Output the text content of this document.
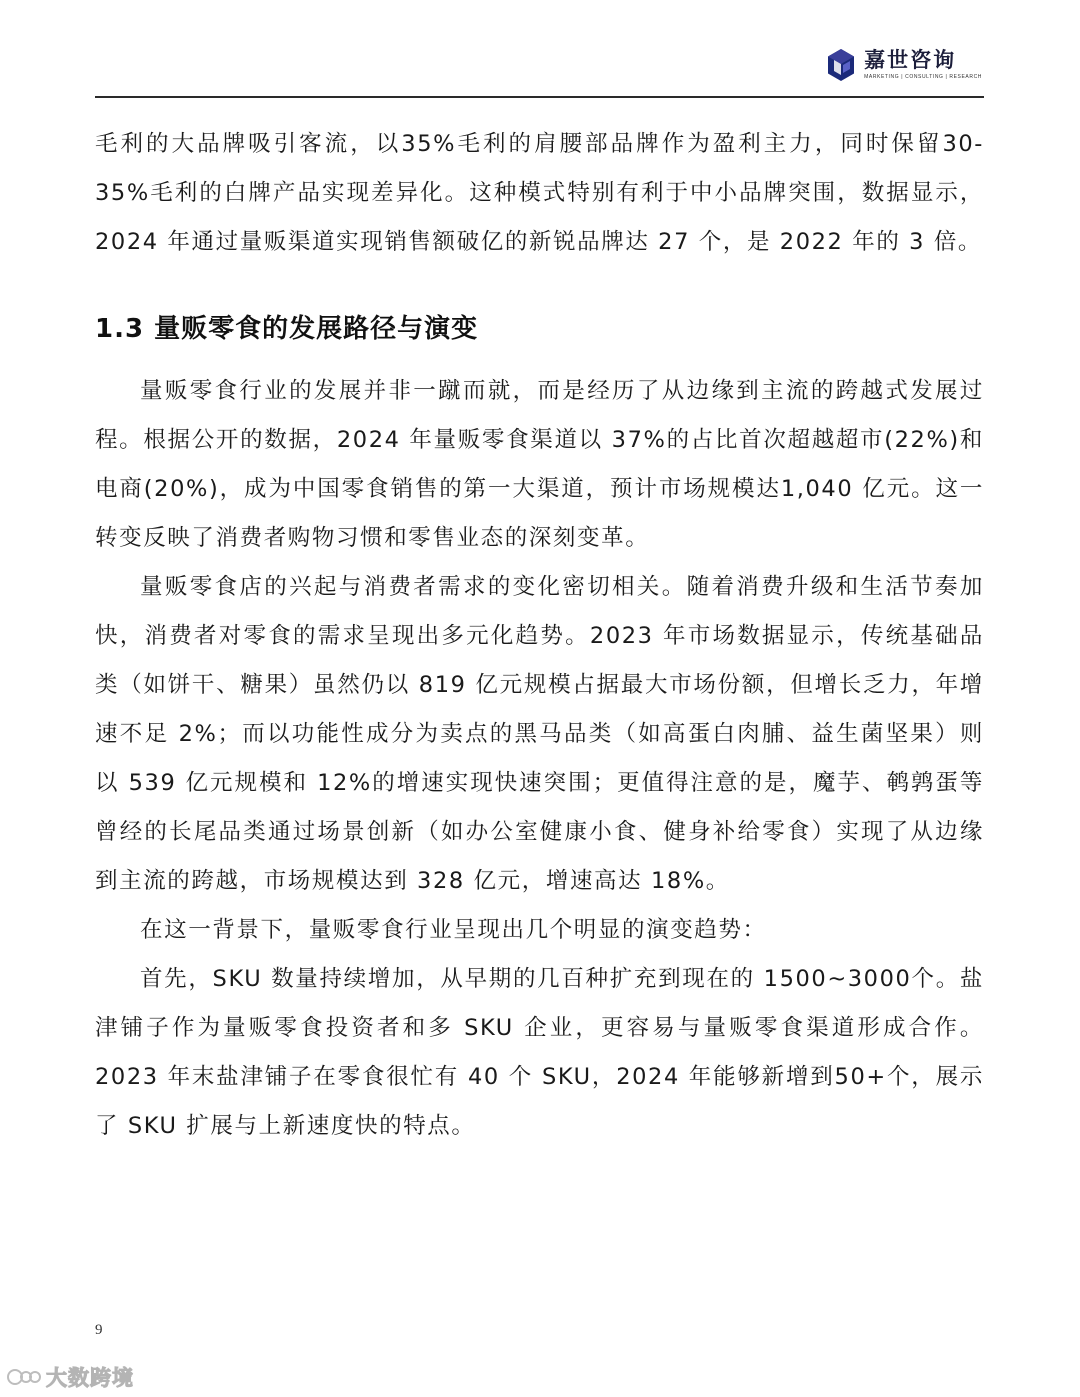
嘉世咨询
MARKETING | CONSULTING | RESEARCH

毛利的大品牌吸引客流，以35%毛利的肩腰部品牌作为盈利主力，同时保留30-35%毛利的白牌产品实现差异化。这种模式特别有利于中小品牌突围，数据显示，2024 年通过量贩渠道实现销售额破亿的新锐品牌达 27 个，是 2022 年的 3 倍。

1.3 量贩零食的发展路径与演变

量贩零食行业的发展并非一蹴而就，而是经历了从边缘到主流的跨越式发展过程。根据公开的数据，2024 年量贩零食渠道以 37%的占比首次超越超市(22%)和电商(20%)，成为中国零食销售的第一大渠道，预计市场规模达1,040 亿元。这一转变反映了消费者购物习惯和零售业态的深刻变革。

量贩零食店的兴起与消费者需求的变化密切相关。随着消费升级和生活节奏加快，消费者对零食的需求呈现出多元化趋势。2023 年市场数据显示，传统基础品类（如饼干、糖果）虽然仍以 819 亿元规模占据最大市场份额，但增长乏力，年增速不足 2%；而以功能性成分为卖点的黑马品类（如高蛋白肉脯、益生菌坚果）则以 539 亿元规模和 12%的增速实现快速突围；更值得注意的是，魔芋、鹌鹑蛋等曾经的长尾品类通过场景创新（如办公室健康小食、健身补给零食）实现了从边缘到主流的跨越，市场规模达到 328 亿元，增速高达 18%。

在这一背景下，量贩零食行业呈现出几个明显的演变趋势：

首先，SKU 数量持续增加，从早期的几百种扩充到现在的 1500~3000个。盐津铺子作为量贩零食投资者和多 SKU 企业，更容易与量贩零食渠道形成合作。2023 年末盐津铺子在零食很忙有 40 个 SKU，2024 年能够新增到50+个，展示了 SKU 扩展与上新速度快的特点。

9
大数跨境
